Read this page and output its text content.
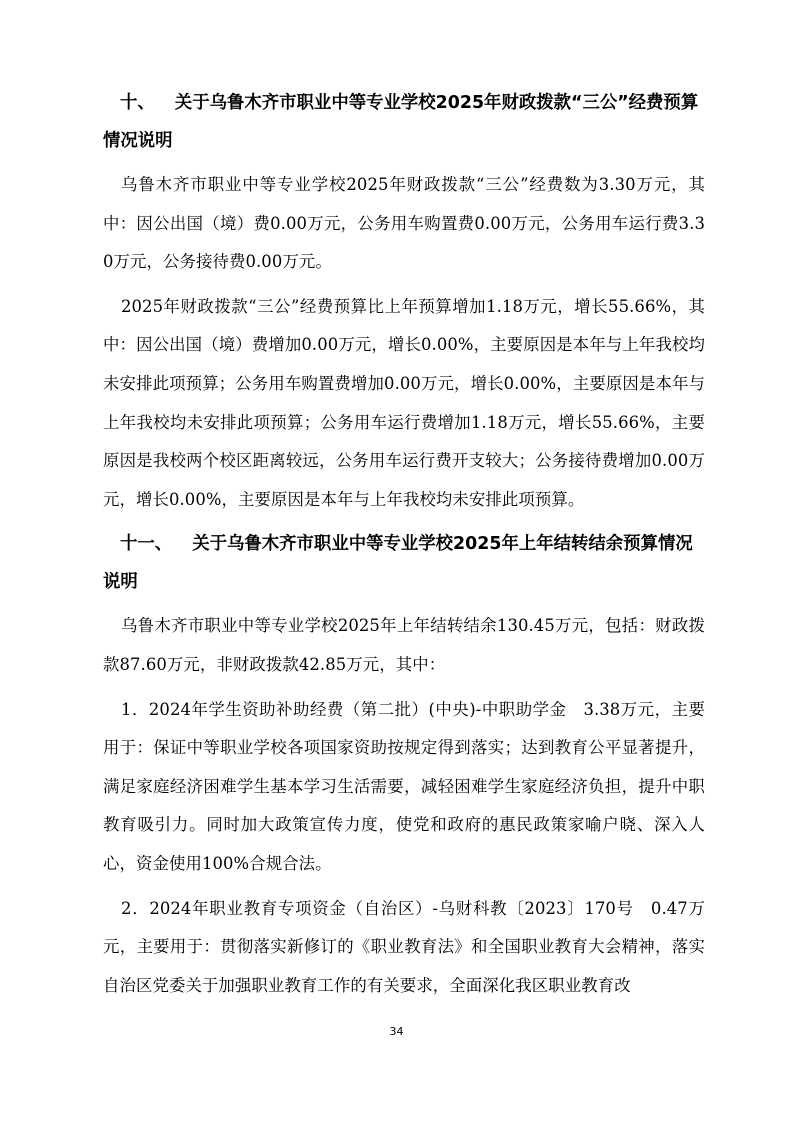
十、 关于乌鲁木齐市职业中等专业学校2025年财政拨款“三公”经费预算情况说明

乌鲁木齐市职业中等专业学校2025年财政拨款“三公”经费数为3.30万元，其中：因公出国（境）费0.00万元，公务用车购置费0.00万元，公务用车运行费3.30万元，公务接待费0.00万元。

2025年财政拨款“三公”经费预算比上年预算增加1.18万元，增长55.66%，其中：因公出国（境）费增加0.00万元，增长0.00%，主要原因是本年与上年我校均未安排此项预算；公务用车购置费增加0.00万元，增长0.00%，主要原因是本年与上年我校均未安排此项预算；公务用车运行费增加1.18万元，增长55.66%，主要原因是我校两个校区距离较远，公务用车运行费开支较大；公务接待费增加0.00万元，增长0.00%，主要原因是本年与上年我校均未安排此项预算。

十一、 关于乌鲁木齐市职业中等专业学校2025年上年结转结余预算情况说明

乌鲁木齐市职业中等专业学校2025年上年结转结余130.45万元，包括：财政拨款87.60万元，非财政拨款42.85万元，其中：

1．2024年学生资助补助经费（第二批）(中央)-中职助学金　3.38万元，主要用于：保证中等职业学校各项国家资助按规定得到落实；达到教育公平显著提升，满足家庭经济困难学生基本学习生活需要，减轻困难学生家庭经济负担，提升中职教育吸引力。同时加大政策宣传力度，使党和政府的惠民政策家喻户晓、深入人心，资金使用100%合规合法。

2．2024年职业教育专项资金（自治区）-乌财科教〔2023〕170号　0.47万元，主要用于：贯彻落实新修订的《职业教育法》和全国职业教育大会精神，落实自治区党委关于加强职业教育工作的有关要求，全面深化我区职业教育改

34
